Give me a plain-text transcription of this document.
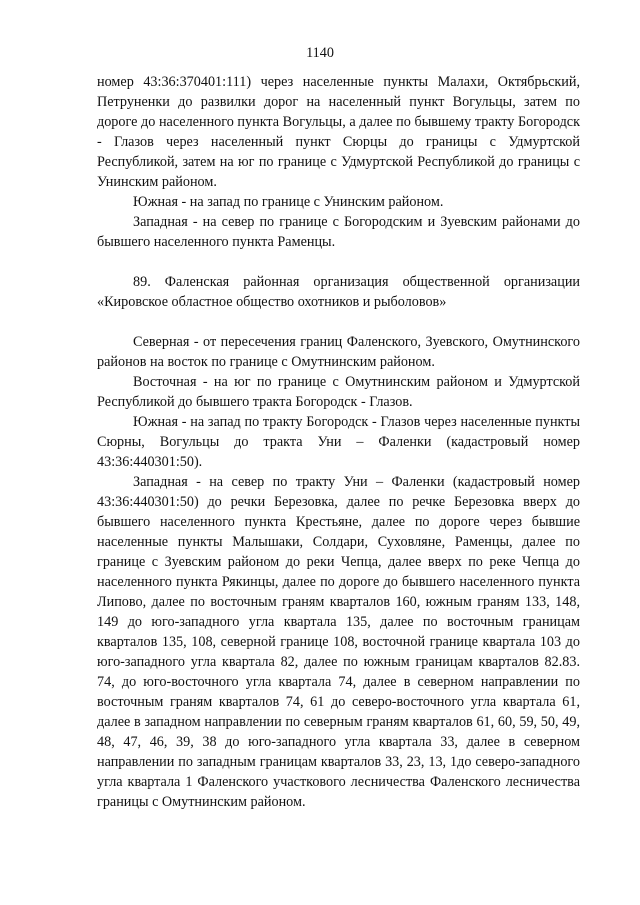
1140

номер 43:36:370401:111) через населенные пункты Малахи, Октябрьский, Петруненки до развилки дорог на населенный пункт Вогульцы, затем по дороге до населенного пункта Вогульцы, а далее по бывшему тракту Богородск - Глазов через населенный пункт Сюрцы до границы с Удмуртской Республикой, затем на юг по границе с Удмуртской Республикой до границы с Унинским районом.

Южная - на запад по границе с Унинским районом.

Западная - на север по границе с Богородским и Зуевским районами до бывшего населенного пункта Раменцы.

89. Фаленская районная организация общественной организации «Кировское областное общество охотников и рыболовов»

Северная - от пересечения границ Фаленского, Зуевского, Омутнинского районов на восток по границе с Омутнинским районом.

Восточная - на юг по границе с Омутнинским районом и Удмуртской Республикой до бывшего тракта Богородск - Глазов.

Южная - на запад по тракту Богородск - Глазов через населенные пункты Сюрны, Вогульцы до тракта Уни – Фаленки (кадастровый номер 43:36:440301:50).

Западная - на север по тракту Уни – Фаленки (кадастровый номер 43:36:440301:50) до речки Березовка, далее по речке Березовка вверх до бывшего населенного пункта Крестьяне, далее по дороге через бывшие населенные пункты Малышаки, Солдари, Суховляне, Раменцы, далее по границе с Зуевским районом до реки Чепца, далее вверх по реке Чепца до населенного пункта Рякинцы, далее по дороге до бывшего населенного пункта Липово, далее по восточным граням кварталов 160, южным граням 133, 148, 149 до юго-западного угла квартала 135, далее по восточным границам кварталов 135, 108, северной границе 108, восточной границе квартала 103 до юго-западного угла квартала 82, далее по южным границам кварталов 82.83. 74, до юго-восточного угла квартала 74, далее в северном направлении по восточным граням кварталов 74, 61 до северо-восточного угла квартала 61, далее в западном направлении по северным граням кварталов 61, 60, 59, 50, 49, 48, 47, 46, 39, 38 до юго-западного угла квартала 33, далее в северном направлении по западным границам кварталов 33, 23, 13, 1до северо-западного угла квартала 1 Фаленского участкового лесничества Фаленского лесничества границы с Омутнинским районом.
